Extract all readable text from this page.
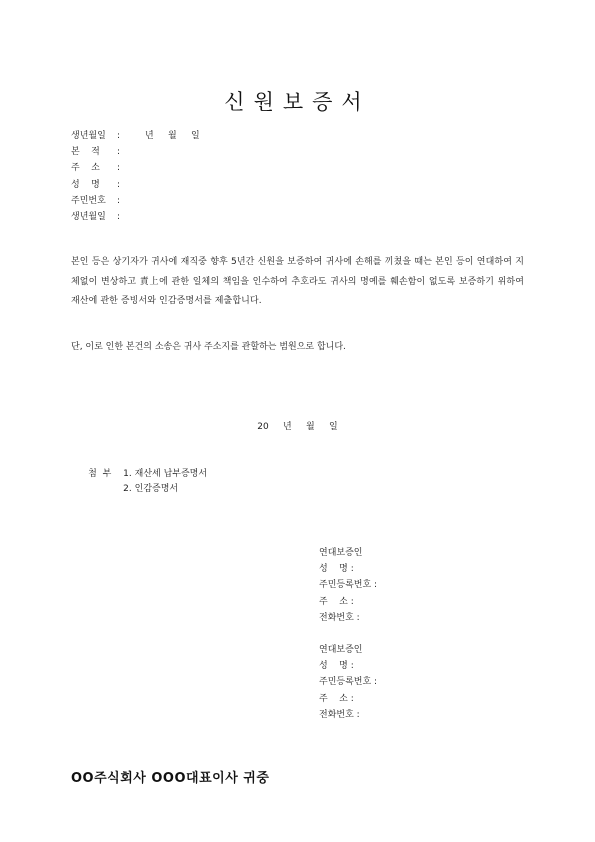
신원보증서
생년월일	: 년     월     일
본    적	:
주    소	:
성    명	:
주민번호	:
생년월일	:
본인 등은 상기자가 귀사에 재직중 향후 5년간 신원을 보증하여 귀사에 손해를 끼쳤을 때는 본인 등이 연대하여 지체없이 변상하고 責上에 관한 일체의 책임을 인수하여 추호라도 귀사의 명예를 훼손함이 없도록 보증하기 위하여 재산에 관한 증빙서와 인감증명서를 제출합니다.
단, 이로 인한 본건의 소송은 귀사 주소지를 관할하는 범원으로 합니다.
20     년     월     일

첨  부 1. 재산세 납부증명서

2. 인감증명서

연대보증인
성    명 :
주민등록번호 :
주    소 :
전화번호 :
연대보증인
성    명 :
주민등록번호 :
주    소 :
전화번호 :
OO주식회사 OOO대표이사 귀중
